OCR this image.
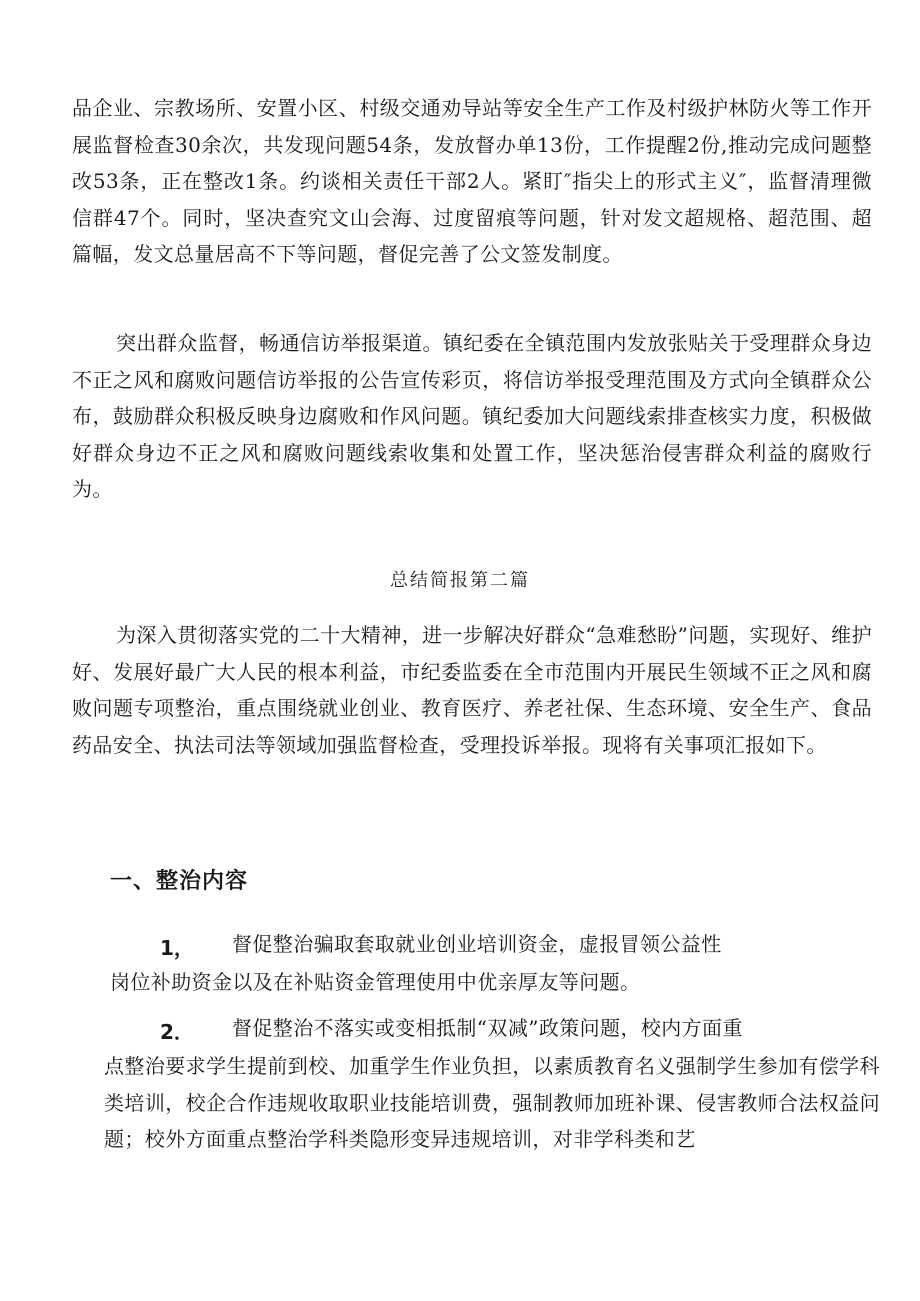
品企业、宗教场所、安置小区、村级交通劝导站等安全生产工作及村级护林防火等工作开展监督检查30余次，共发现问题54条，发放督办单13份，工作提醒2份,推动完成问题整改53条，正在整改1条。约谈相关责任干部2人。紧盯″指尖上的形式主义″，监督清理微信群47个。同时，坚决查究文山会海、过度留痕等问题，针对发文超规格、超范围、超篇幅，发文总量居高不下等问题，督促完善了公文签发制度。

突出群众监督，畅通信访举报渠道。镇纪委在全镇范围内发放张贴关于受理群众身边不正之风和腐败问题信访举报的公告宣传彩页，将信访举报受理范围及方式向全镇群众公布，鼓励群众积极反映身边腐败和作风问题。镇纪委加大问题线索排查核实力度，积极做好群众身边不正之风和腐败问题线索收集和处置工作，坚决惩治侵害群众利益的腐败行为。

总结简报第二篇

为深入贯彻落实党的二十大精神，进一步解决好群众“急难愁盼”问题，实现好、维护好、发展好最广大人民的根本利益，市纪委监委在全市范围内开展民生领域不正之风和腐败问题专项整治，重点围绕就业创业、教育医疗、养老社保、生态环境、安全生产、食品药品安全、执法司法等领域加强监督检查，受理投诉举报。现将有关事项汇报如下。

一、整治内容

1， 督促整治骗取套取就业创业培训资金，虚报冒领公益性

岗位补助资金以及在补贴资金管理使用中优亲厚友等问题。

2． 督促整治不落实或变相抵制“双减”政策问题，校内方面重

点整治要求学生提前到校、加重学生作业负担，以素质教育名义强制学生参加有偿学科类培训，校企合作违规收取职业技能培训费，强制教师加班补课、侵害教师合法权益问题；校外方面重点整治学科类隐形变异违规培训，对非学科类和艺
